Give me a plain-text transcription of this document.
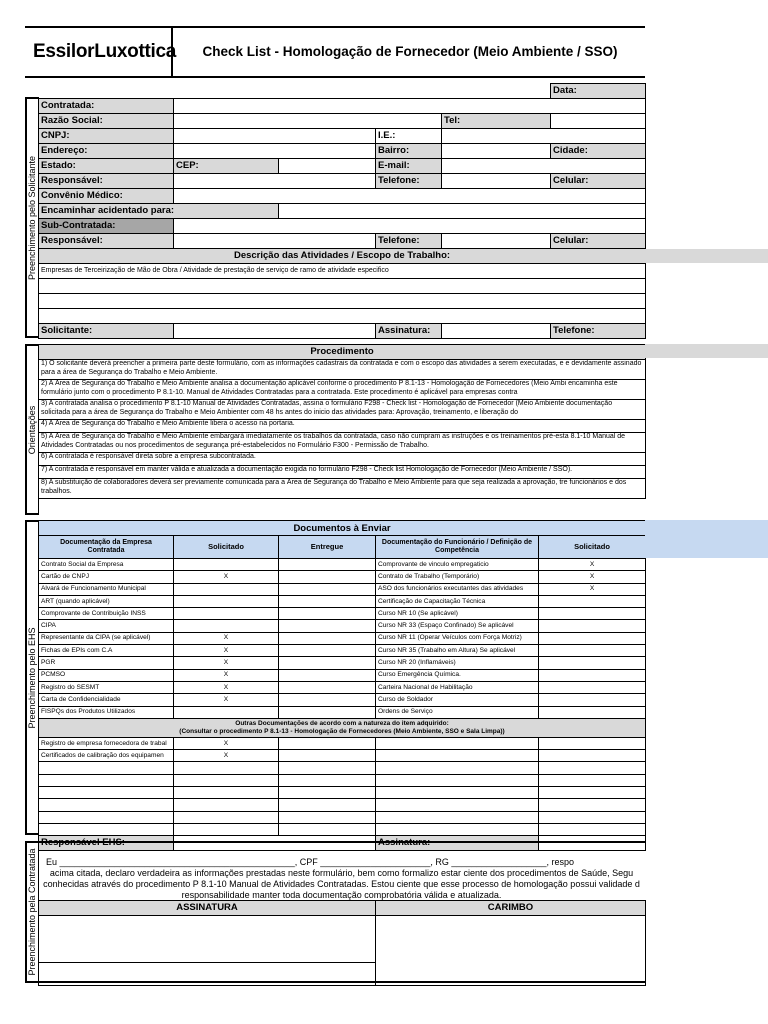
EssilorLuxottica	Check List - Homologação de Fornecedor (Meio Ambiente / SSO)
Preenchimento pelo Solicitante
					Data:
Contratada:					
Razão Social:				Tel:	
CNPJ:			I.E.:		
Endereço:			Bairro:		Cidade:
Estado:	CEP:		E-mail:		
Responsável:			Telefone:		Celular:
Convênio Médico:					
Encaminhar acidentado para:					
Sub-Contratada:					
Responsável:			Telefone:		Celular:
Descrição das Atividades / Escopo de Trabalho:					
Empresas de Terceirização de Mão de Obra / Atividade de prestação de serviço de ramo de atividade especifico					

Solicitante:			Assinatura:		Telefone:
Orientações
Procedimento
1) O solicitante deverá preencher a primeira parte deste formulário, com as informações cadastrais da contratada e com o escopo das atividades a serem executadas, e e devidamente assinado para a área de Segurança do Trabalho e Meio Ambiente.
2) A Área de Segurança do Trabalho e Meio Ambiente analisa a documentação aplicável conforme o procedimento P 8.1-13 - Homologação de Fornecedores (Meio Ambi encaminha este formulário junto com o procedimento P 8.1-10. Manual de Atividades Contratadas para a contratada. Este procedimento é aplicável para empresas contra
3) A contratada analisa o procedimento P 8.1-10 Manual de Atividades Contratadas, assina o formulário F298 - Check list - Homologação de Fornecedor (Meio Ambiente documentação solicitada para a área de Segurança do Trabalho e Meio Ambienter com 48 hs antes do inicio das atividades para: Aprovação, treinamento, e liberação do
4) A Área de Segurança do Trabalho e Meio Ambiente libera o acesso na portaria.
5) A Área de Segurança do Trabalho e Meio Ambiente embargará imediatamente os trabalhos da contratada, caso não cumpram as instruções e os treinamentos pré-esta 8.1-10 Manual de Atividades Contratadas ou nos procedimentos de segurança pré-estabelecidos no Formulário F300 - Permissão de Trabalho.
6) A contratada é responsável direta sobre a empresa subcontratada.
7) A contratada é responsável em manter válida e atualizada a documentação exigida no formulário F298 - Check list Homologação de Fornecedor (Meio Ambiente / SSO).
8) A substituição de colaboradores deverá ser previamente comunicada para a Área de Segurança do Trabalho e Meio Ambiente para que seja realizada a aprovação, tre funcionários e dos trabalhos.
Preenchimento pelo EHS
Documentos à Enviar				
Documentação da Empresa Contratada	Solicitado	Entregue	Documentação do Funcionário / Definição de Competência	Solicitado
Contrato Social da Empresa			Comprovante de vinculo empregaticio	X
Cartão de CNPJ	X		Contrato de Trabalho (Temporário)	X
Alvará de Funcionamento Municipal			ASO dos funcionários executantes das atividades	X
ART (quando aplicável)			Certificação de Capacitação Técnica	
Comprovante de Contribuição INSS			Curso NR 10 (Se aplicável)	
CIPA			Curso NR 33 (Espaço Confinado) Se aplicável	
Representante da CIPA (se aplicável)	X		Curso NR 11 (Operar Veículos com Força Motriz)	
Fichas de EPIs com C.A	X		Curso NR 35 (Trabalho em Altura) Se aplicável	
PGR	X		Curso NR 20 (Inflamáveis)	
PCMSO	X		Curso Emergência Química.	
Registro do SESMT	X		Carteira Nacional de Habilitação	
Carta de Confidencialidade	X		Curso de Soldador	
FISPQs dos Produtos Utilizados			Ordens de Serviço	
Outras Documentações de acordo com a natureza do item adquirido:
(Consultar o procedimento P 8.1-13 - Homologação de Fornecedores (Meio Ambiente, SSO e Sala Limpa))				
Registro de empresa fornecedora de trabal	X			
Certificados de calibração dos equipamen	X			

Responsável EHS:			Assinatura:	
Preenchimento pela Contratada	Eu _______________________________________________, CPF ______________________, RG ___________________, respo
acima citada, declaro verdadeira as informações prestadas neste formulário, bem como formalizo estar ciente dos procedimentos de Saúde, Segu
conhecidas através do procedimento P 8.1-10 Manual de Atividades Contratadas. Estou ciente que esse processo de homologação possui validade d
responsabilidade manter toda documentação comprobatória válida e atualizada.
ASSINATURA	CARIMBO
